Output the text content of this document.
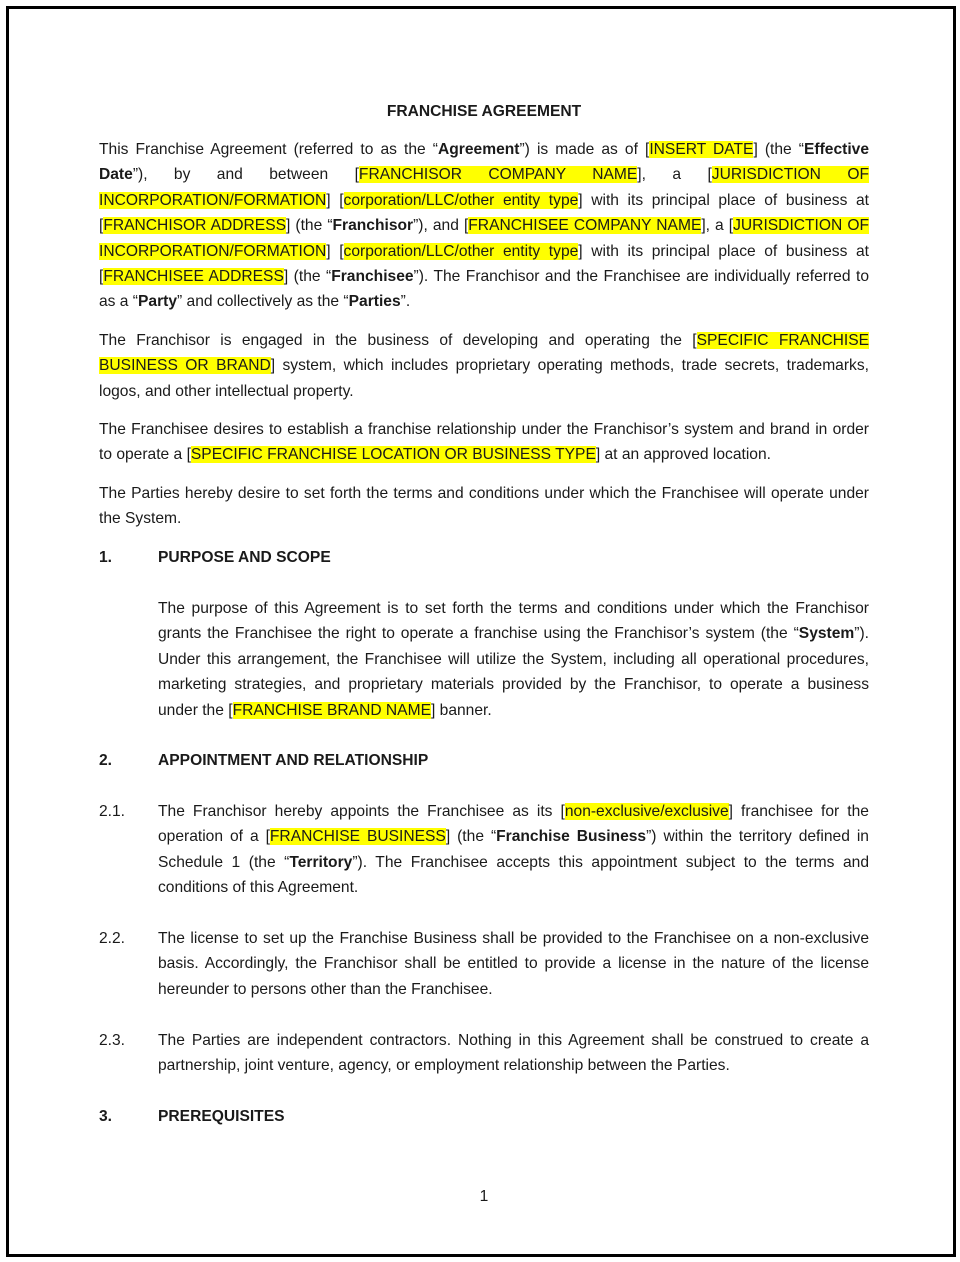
FRANCHISE AGREEMENT

This Franchise Agreement (referred to as the “Agreement”) is made as of [INSERT DATE] (the “Effective Date”), by and between [FRANCHISOR COMPANY NAME], a [JURISDICTION OF INCORPORATION/FORMATION] [corporation/LLC/other entity type] with its principal place of business at [FRANCHISOR ADDRESS] (the “Franchisor”), and [FRANCHISEE COMPANY NAME], a [JURISDICTION OF INCORPORATION/FORMATION] [corporation/LLC/other entity type] with its principal place of business at [FRANCHISEE ADDRESS] (the “Franchisee”). The Franchisor and the Franchisee are individually referred to as a “Party” and collectively as the “Parties”.

The Franchisor is engaged in the business of developing and operating the [SPECIFIC FRANCHISE BUSINESS OR BRAND] system, which includes proprietary operating methods, trade secrets, trademarks, logos, and other intellectual property.

The Franchisee desires to establish a franchise relationship under the Franchisor’s system and brand in order to operate a [SPECIFIC FRANCHISE LOCATION OR BUSINESS TYPE] at an approved location.

The Parties hereby desire to set forth the terms and conditions under which the Franchisee will operate under the System.

1.	PURPOSE AND SCOPE

The purpose of this Agreement is to set forth the terms and conditions under which the Franchisor grants the Franchisee the right to operate a franchise using the Franchisor’s system (the “System”). Under this arrangement, the Franchisee will utilize the System, including all operational procedures, marketing strategies, and proprietary materials provided by the Franchisor, to operate a business under the [FRANCHISE BRAND NAME] banner.

2.	APPOINTMENT AND RELATIONSHIP
2.1. The Franchisor hereby appoints the Franchisee as its [non-exclusive/exclusive] franchisee for the operation of a [FRANCHISE BUSINESS] (the “Franchise Business”) within the territory defined in Schedule 1 (the “Territory”). The Franchisee accepts this appointment subject to the terms and conditions of this Agreement.

2.2. The license to set up the Franchise Business shall be provided to the Franchisee on a non-exclusive basis. Accordingly, the Franchisor shall be entitled to provide a license in the nature of the license hereunder to persons other than the Franchisee.

2.3. The Parties are independent contractors. Nothing in this Agreement shall be construed to create a partnership, joint venture, agency, or employment relationship between the Parties.

3.	PREREQUISITES
1
